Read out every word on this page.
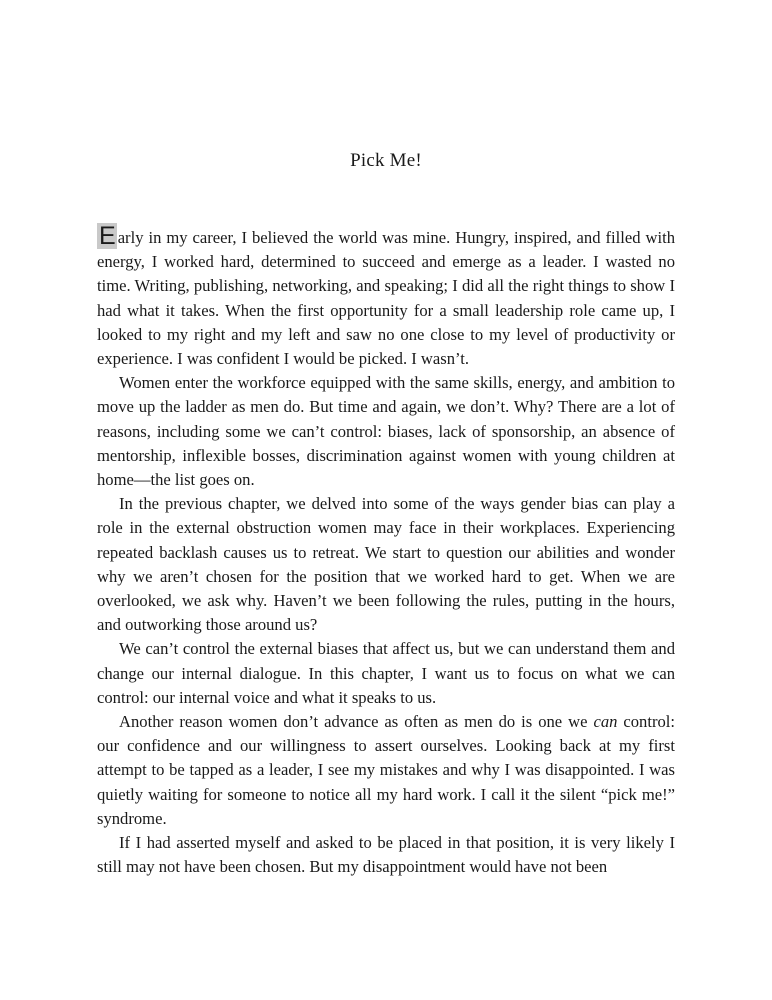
Pick Me!

E arly in my career, I believed the world was mine. Hungry, inspired, and filled with energy, I worked hard, determined to succeed and emerge as a leader. I wasted no time. Writing, publishing, networking, and speaking; I did all the right things to show I had what it takes. When the first opportunity for a small leadership role came up, I looked to my right and my left and saw no one close to my level of productivity or experience. I was confident I would be picked. I wasn’t.

Women enter the workforce equipped with the same skills, energy, and ambition to move up the ladder as men do. But time and again, we don’t. Why? There are a lot of reasons, including some we can’t control: biases, lack of sponsorship, an absence of mentorship, inflexible bosses, discrimination against women with young children at home—the list goes on.

In the previous chapter, we delved into some of the ways gender bias can play a role in the external obstruction women may face in their workplaces. Experiencing repeated backlash causes us to retreat. We start to question our abilities and wonder why we aren’t chosen for the position that we worked hard to get. When we are overlooked, we ask why. Haven’t we been following the rules, putting in the hours, and outworking those around us?

We can’t control the external biases that affect us, but we can understand them and change our internal dialogue. In this chapter, I want us to focus on what we can control: our internal voice and what it speaks to us.

Another reason women don’t advance as often as men do is one we can control: our confidence and our willingness to assert ourselves. Looking back at my first attempt to be tapped as a leader, I see my mistakes and why I was disappointed. I was quietly waiting for someone to notice all my hard work. I call it the silent “pick me!” syndrome.

If I had asserted myself and asked to be placed in that position, it is very likely I still may not have been chosen. But my disappointment would have not been
